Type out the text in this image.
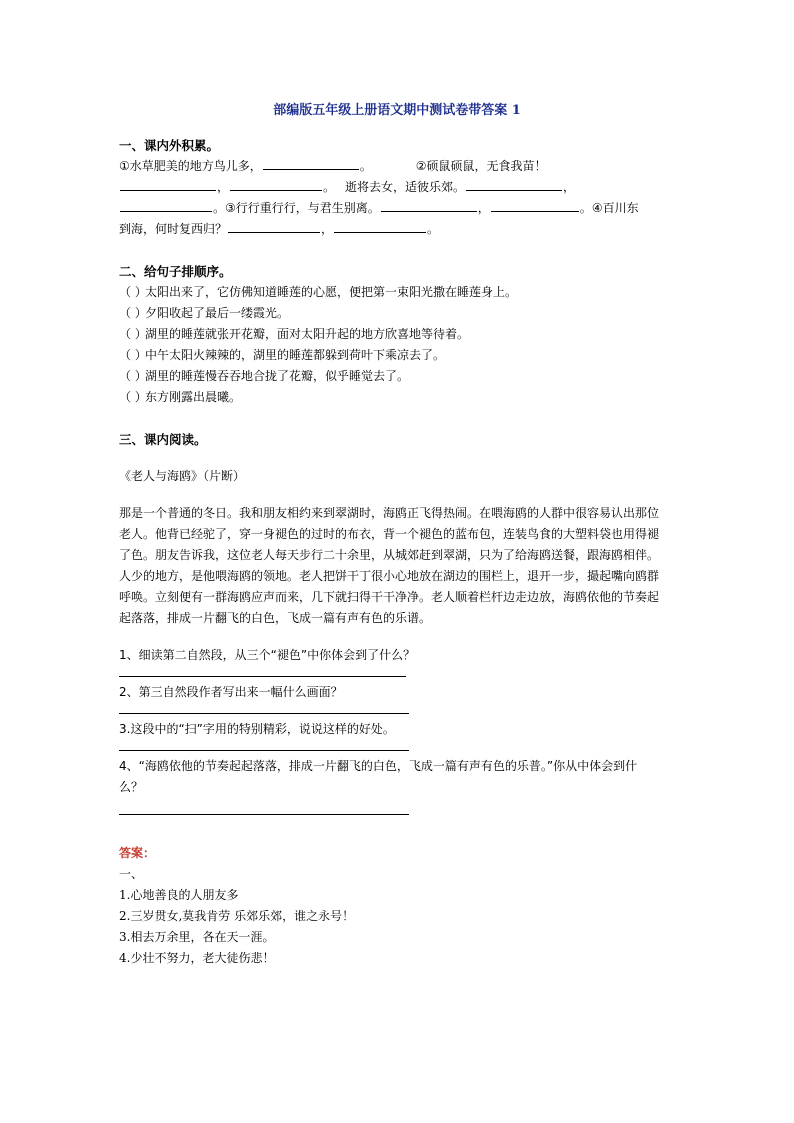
部编版五年级上册语文期中测试卷带答案 1
一、课内外积累。
①水草肥美的地方鸟儿多，	。	②硕鼠硕鼠，无食我苗！
，	。 逝将去女，适彼乐郊。	，
。③行行重行行，与君生别离。	，	。④百川东
到海，何时复西归？	，	。
二、给句子排顺序。
（ ）
太阳出来了，它仿佛知道睡莲的心愿，便把第一束阳光撒在睡莲身上。
（ ）
夕阳收起了最后一缕霞光。
（ ）
湖里的睡莲就张开花瓣，面对太阳升起的地方欣喜地等待着。
（ ）
中午太阳火辣辣的，湖里的睡莲都躲到荷叶下乘凉去了。
（ ）
湖里的睡莲慢吞吞地合拢了花瓣，似乎睡觉去了。
（ ）
东方刚露出晨曦。
三、课内阅读。
《老人与海鸥》（片断）
那是一个普通的冬日。我和朋友相约来到翠湖时，海鸥正飞得热闹。在喂海鸥的人群中很容易认出那位老人。他背已经驼了，穿一身褪色的过时的布衣，背一个褪色的蓝布包，连装鸟食的大塑料袋也用得褪了色。朋友告诉我，这位老人每天步行二十余里，从城郊赶到翠湖，只为了给海鸥送餐，跟海鸥相伴。人少的地方，是他喂海鸥的领地。老人把饼干丁很小心地放在湖边的围栏上，退开一步，撮起嘴向鸥群呼唤。立刻便有一群海鸥应声而来，几下就扫得干干净净。老人顺着栏杆边走边放，海鸥依他的节奏起起落落，排成一片翻飞的白色，飞成一篇有声有色的乐谱。
1、细读第二自然段，从三个“褪色”中你体会到了什么？
2、第三自然段作者写出来一幅什么画面？
3.这段中的“扫”字用的特别精彩，说说这样的好处。
4、“海鸥依他的节奏起起落落，排成一片翻飞的白色，飞成一篇有声有色的乐普。”你从中体会到什么？
答案：
一、
1.心地善良的人朋友多
2.三岁贯女,莫我肯劳 乐郊乐郊，谁之永号！
3.相去万余里，各在天一涯。
4.少壮不努力，老大徒伤悲！
